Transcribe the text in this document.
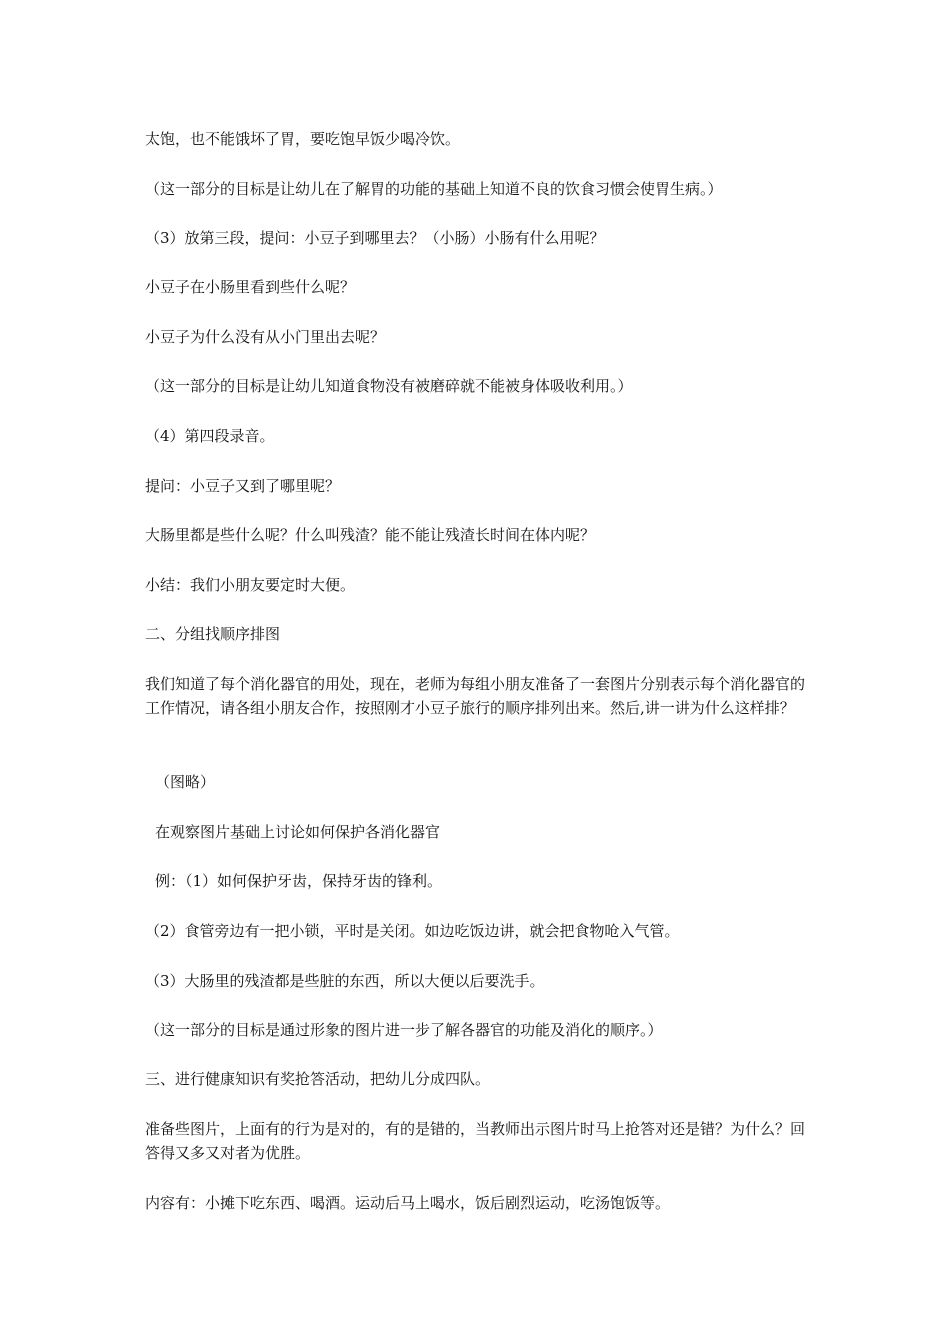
太饱，也不能饿坏了胃，要吃饱早饭少喝冷饮。

（这一部分的目标是让幼儿在了解胃的功能的基础上知道不良的饮食习惯会使胃生病。）

（3）放第三段，提问：小豆子到哪里去？（小肠）小肠有什么用呢？

小豆子在小肠里看到些什么呢？

小豆子为什么没有从小门里出去呢？

（这一部分的目标是让幼儿知道食物没有被磨碎就不能被身体吸收利用。）

（4）第四段录音。

提问：小豆子又到了哪里呢？

大肠里都是些什么呢？什么叫残渣？能不能让残渣长时间在体内呢？

小结：我们小朋友要定时大便。

二、分组找顺序排图

我们知道了每个消化器官的用处，现在，老师为每组小朋友准备了一套图片分别表示每个消化器官的工作情况，请各组小朋友合作，按照刚才小豆子旅行的顺序排列出来。然后,讲一讲为什么这样排？

（图略）

在观察图片基础上讨论如何保护各消化器官

例：（1）如何保护牙齿，保持牙齿的锋利。

（2）食管旁边有一把小锁，平时是关闭。如边吃饭边讲，就会把食物呛入气管。

（3）大肠里的残渣都是些脏的东西，所以大便以后要洗手。

（这一部分的目标是通过形象的图片进一步了解各器官的功能及消化的顺序。）

三、进行健康知识有奖抢答活动，把幼儿分成四队。

准备些图片，上面有的行为是对的，有的是错的，当教师出示图片时马上抢答对还是错？为什么？回答得又多又对者为优胜。

内容有：小摊下吃东西、喝酒。运动后马上喝水，饭后剧烈运动，吃汤饱饭等。
